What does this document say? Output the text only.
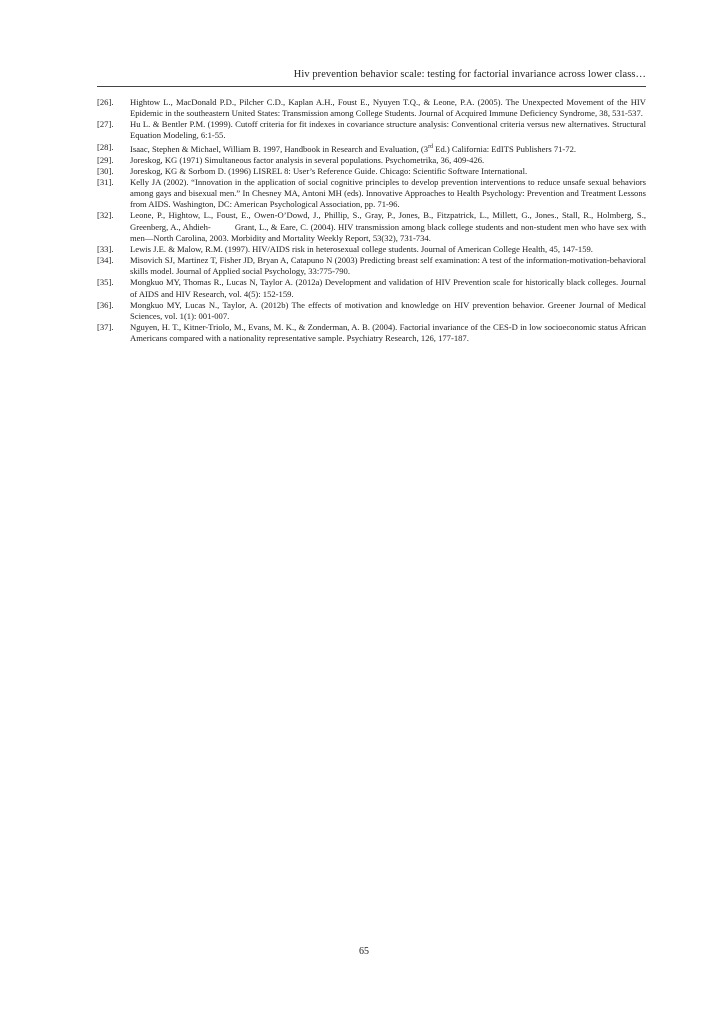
Hiv prevention behavior scale: testing for factorial invariance across lower class…
[26].	Hightow L., MacDonald P.D., Pilcher C.D., Kaplan A.H., Foust E., Nyuyen T.Q., & Leone, P.A. (2005). The Unexpected Movement of the HIV Epidemic in the southeastern United States: Transmission among College Students. Journal of Acquired Immune Deficiency Syndrome, 38, 531-537.
[27].	Hu L. & Bentler P.M. (1999). Cutoff criteria for fit indexes in covariance structure analysis: Conventional criteria versus new alternatives. Structural Equation Modeling, 6:1-55.
[28].	Isaac, Stephen & Michael, William B. 1997, Handbook in Research and Evaluation, (3rd Ed.) California: EdITS Publishers 71-72.
[29].	Joreskog, KG (1971) Simultaneous factor analysis in several populations. Psychometrika, 36, 409-426.
[30].	Joreskog, KG & Sorbom D. (1996) LISREL 8: User’s Reference Guide. Chicago: Scientific Software International.
[31].	Kelly JA (2002). “Innovation in the application of social cognitive principles to develop prevention interventions to reduce unsafe sexual behaviors among gays and bisexual men.” In Chesney MA, Antoni MH (eds). Innovative Approaches to Health Psychology: Prevention and Treatment Lessons from AIDS. Washington, DC: American Psychological Association, pp. 71-96.
[32].	Leone, P., Hightow, L., Foust, E., Owen-O’Dowd, J., Phillip, S., Gray, P., Jones, B., Fitzpatrick, L., Millett, G., Jones., Stall, R., Holmberg, S., Greenberg, A., Ahdieh-          Grant, L., & Eare, C. (2004). HIV transmission among black college students and non-student men who have sex with men—North Carolina, 2003. Morbidity and Mortality Weekly Report, 53(32), 731-734.
[33].	Lewis J.E. & Malow, R.M. (1997). HIV/AIDS risk in heterosexual college students. Journal of American College Health, 45, 147-159.
[34].	Misovich SJ, Martinez T, Fisher JD, Bryan A, Catapuno N (2003) Predicting breast self examination: A test of the information-motivation-behavioral skills model. Journal of Applied social Psychology, 33:775-790.
[35].	Mongkuo MY, Thomas R., Lucas N, Taylor A. (2012a) Development and validation of HIV Prevention scale for historically black colleges. Journal of AIDS and HIV Research, vol. 4(5): 152-159.
[36].	Mongkuo MY, Lucas N., Taylor, A. (2012b) The effects of motivation and knowledge on HIV prevention behavior. Greener Journal of Medical Sciences, vol. 1(1): 001-007.
[37].	Nguyen, H. T., Kitner-Triolo, M., Evans, M. K., & Zonderman, A. B. (2004). Factorial invariance of the CES-D in low socioeconomic status African Americans compared with a nationality representative sample. Psychiatry Research, 126, 177-187.
65
